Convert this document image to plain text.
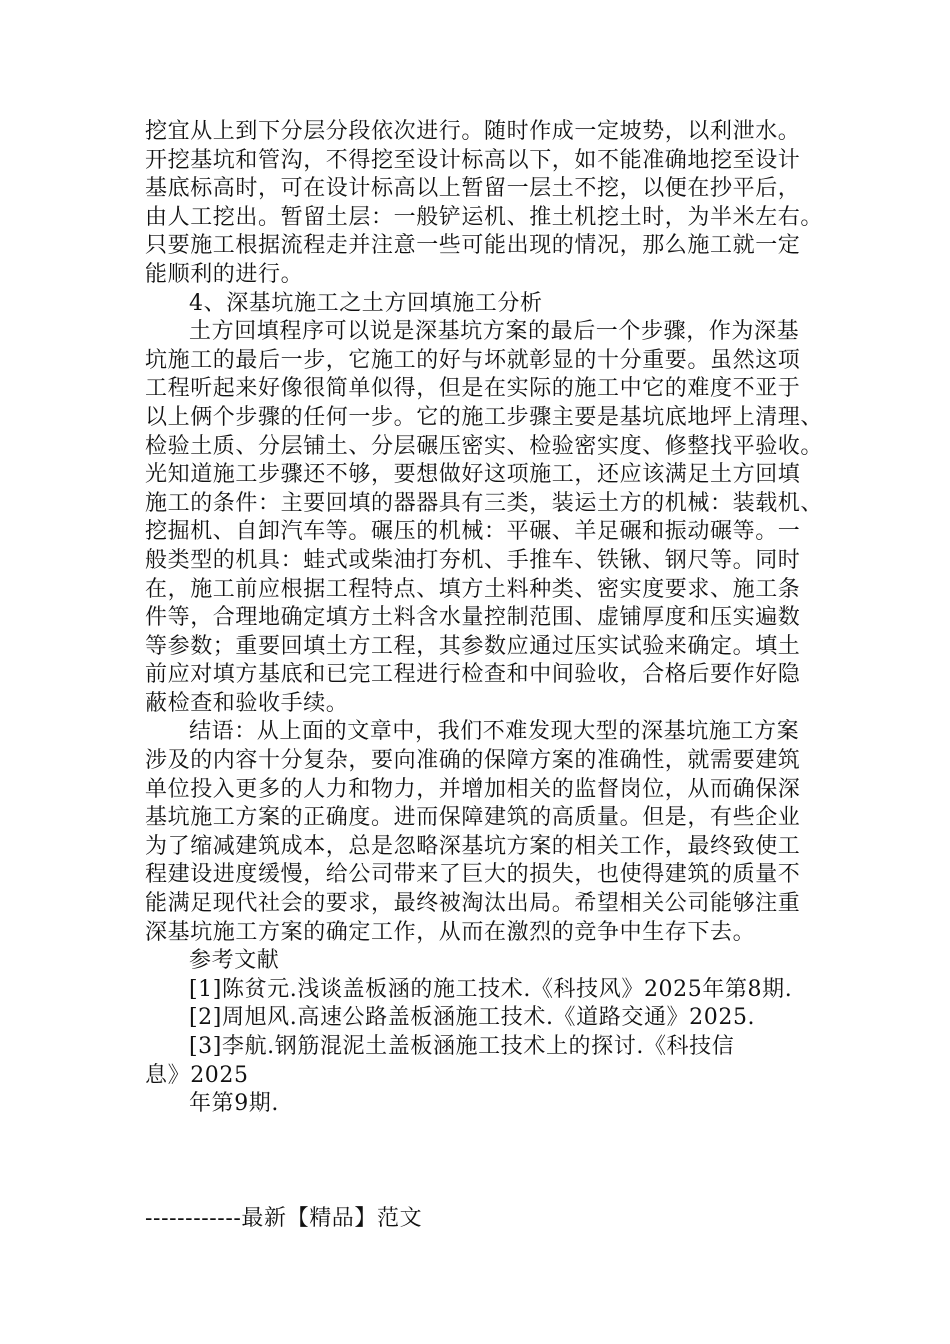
挖宜从上到下分层分段依次进行。随时作成一定坡势，以利泄水。
开挖基坑和管沟，不得挖至设计标高以下，如不能准确地挖至设计
基底标高时，可在设计标高以上暂留一层土不挖，以便在抄平后，
由人工挖出。暂留土层：一般铲运机、推土机挖土时，为半米左右。
只要施工根据流程走并注意一些可能出现的情况，那么施工就一定
能顺利的进行。
4、深基坑施工之土方回填施工分析
土方回填程序可以说是深基坑方案的最后一个步骤，作为深基
坑施工的最后一步，它施工的好与坏就彰显的十分重要。虽然这项
工程听起来好像很简单似得，但是在实际的施工中它的难度不亚于
以上俩个步骤的任何一步。它的施工步骤主要是基坑底地坪上清理、
检验土质、分层铺土、分层碾压密实、检验密实度、修整找平验收。
光知道施工步骤还不够，要想做好这项施工，还应该满足土方回填
施工的条件：主要回填的器器具有三类，装运土方的机械：装载机、
挖掘机、自卸汽车等。碾压的机械：平碾、羊足碾和振动碾等。一
般类型的机具：蛙式或柴油打夯机、手推车、铁锹、钢尺等。同时
在，施工前应根据工程特点、填方土料种类、密实度要求、施工条
件等，合理地确定填方土料含水量控制范围、虚铺厚度和压实遍数
等参数；重要回填土方工程，其参数应通过压实试验来确定。填土
前应对填方基底和已完工程进行检查和中间验收，合格后要作好隐
蔽检查和验收手续。
结语：从上面的文章中，我们不难发现大型的深基坑施工方案
涉及的内容十分复杂，要向准确的保障方案的准确性，就需要建筑
单位投入更多的人力和物力，并增加相关的监督岗位，从而确保深
基坑施工方案的正确度。进而保障建筑的高质量。但是，有些企业
为了缩减建筑成本，总是忽略深基坑方案的相关工作，最终致使工
程建设进度缓慢，给公司带来了巨大的损失，也使得建筑的质量不
能满足现代社会的要求，最终被淘汰出局。希望相关公司能够注重
深基坑施工方案的确定工作，从而在激烈的竞争中生存下去。
参考文献
[1]陈贫元.浅谈盖板涵的施工技术.《科技风》2025年第8期.
[2]周旭风.高速公路盖板涵施工技术.《道路交通》2025.
[3]李航.钢筋混泥土盖板涵施工技术上的探讨.《科技信
息》2025
年第9期.
------------最新【精品】范文
